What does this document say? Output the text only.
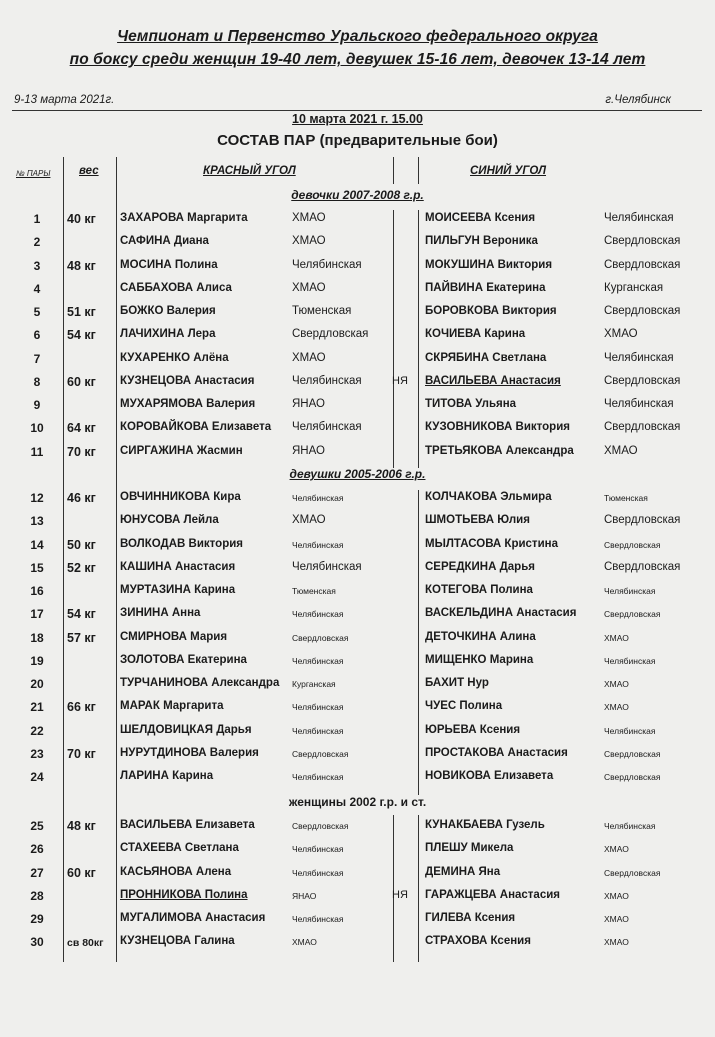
Чемпионат и Первенство Уральского федерального округа
по боксу среди женщин 19-40 лет, девушек 15-16 лет, девочек 13-14 лет
9-13 марта 2021г.	г.Челябинск
10 марта 2021 г. 15.00
СОСТАВ ПАР (предварительные бои)
№ ПАРЫ вес	КРАСНЫЙ УГОЛ	СИНИЙ УГОЛ
девочки 2007-2008 г.р.
1	40 кг ЗАХАРОВА Маргарита	ХМАО	МОИСЕЕВА Ксения	Челябинская
2	САФИНА Диана	ХМАО	ПИЛЬГУН Вероника	Свердловская
3	48 кг МОСИНА Полина	Челябинская	МОКУШИНА Виктория	Свердловская
4	САББАХОВА Алиса	ХМАО	ПАЙВИНА Екатерина	Курганская
5	51 кг БОЖКО Валерия	Тюменская	БОРОВКОВА Виктория	Свердловская
6	54 кг ЛАЧИХИНА Лера	Свердловская	КОЧИЕВА Карина	ХМАО
7	КУХАРЕНКО Алёна	ХМАО	СКРЯБИНА Светлана	Челябинская
8	60 кг КУЗНЕЦОВА Анастасия	Челябинская	НЯ ВАСИЛЬЕВА Анастасия	Свердловская
9	МУХАРЯМОВА Валерия	ЯНАО	ТИТОВА Ульяна	Челябинская
10	64 кг КОРОВАЙКОВА Елизавета Челябинская	КУЗОВНИКОВА Виктория	Свердловская
11	70 кг СИРГАЖИНА Жасмин	ЯНАО	ТРЕТЬЯКОВА Александра	ХМАО
девушки 2005-2006 г.р.
12	46 кг ОВЧИННИКОВА Кира	Челябинская	КОЛЧАКОВА Эльмира	Тюменская
13	ЮНУСОВА Лейла	ХМАО	ШМОТЬЕВА Юлия	Свердловская
14	50 кг ВОЛКОДАВ Виктория	Челябинская	МЫЛТАСОВА Кристина	Свердловская
15	52 кг КАШИНА Анастасия	Челябинская	СЕРЕДКИНА Дарья	Свердловская
16	МУРТАЗИНА Карина	Тюменская	КОТЕГОВА Полина	Челябинская
17	54 кг ЗИНИНА Анна	Челябинская	ВАСКЕЛЬДИНА Анастасия	Свердловская
18	57 кг СМИРНОВА Мария	Свердловская	ДЕТОЧКИНА Алина	ХМАО
19	ЗОЛОТОВА Екатерина	Челябинская	МИЩЕНКО Марина	Челябинская
20	ТУРЧАНИНОВА Александра Курганская	БАХИТ Нур	ХМАО
21	66 кг МАРАК Маргарита	Челябинская	ЧУЕС Полина	ХМАО
22	ШЕЛДОВИЦКАЯ Дарья	Челябинская	ЮРЬЕВА Ксения	Челябинская
23	70 кг НУРУТДИНОВА Валерия	Свердловская	ПРОСТАКОВА Анастасия	Свердловская
24	ЛАРИНА Карина	Челябинская	НОВИКОВА Елизавета	Свердловская
женщины 2002 г.р. и ст.
25	48 кг ВАСИЛЬЕВА Елизавета	Свердловская	КУНАКБАЕВА Гузель	Челябинская
26	СТАХЕЕВА Светлана	Челябинская	ПЛЕШУ Микела	ХМАО
27	60 кг КАСЬЯНОВА Алена	Челябинская	ДЕМИНА Яна	Свердловская
28	ПРОННИКОВА Полина	ЯНАО	НЯ ГАРАЖЦЕВА Анастасия	ХМАО
29	МУГАЛИМОВА Анастасия	Челябинская	ГИЛЕВА Ксения	ХМАО
30	св 80кг КУЗНЕЦОВА Галина	ХМАО	СТРАХОВА Ксения	ХМАО
